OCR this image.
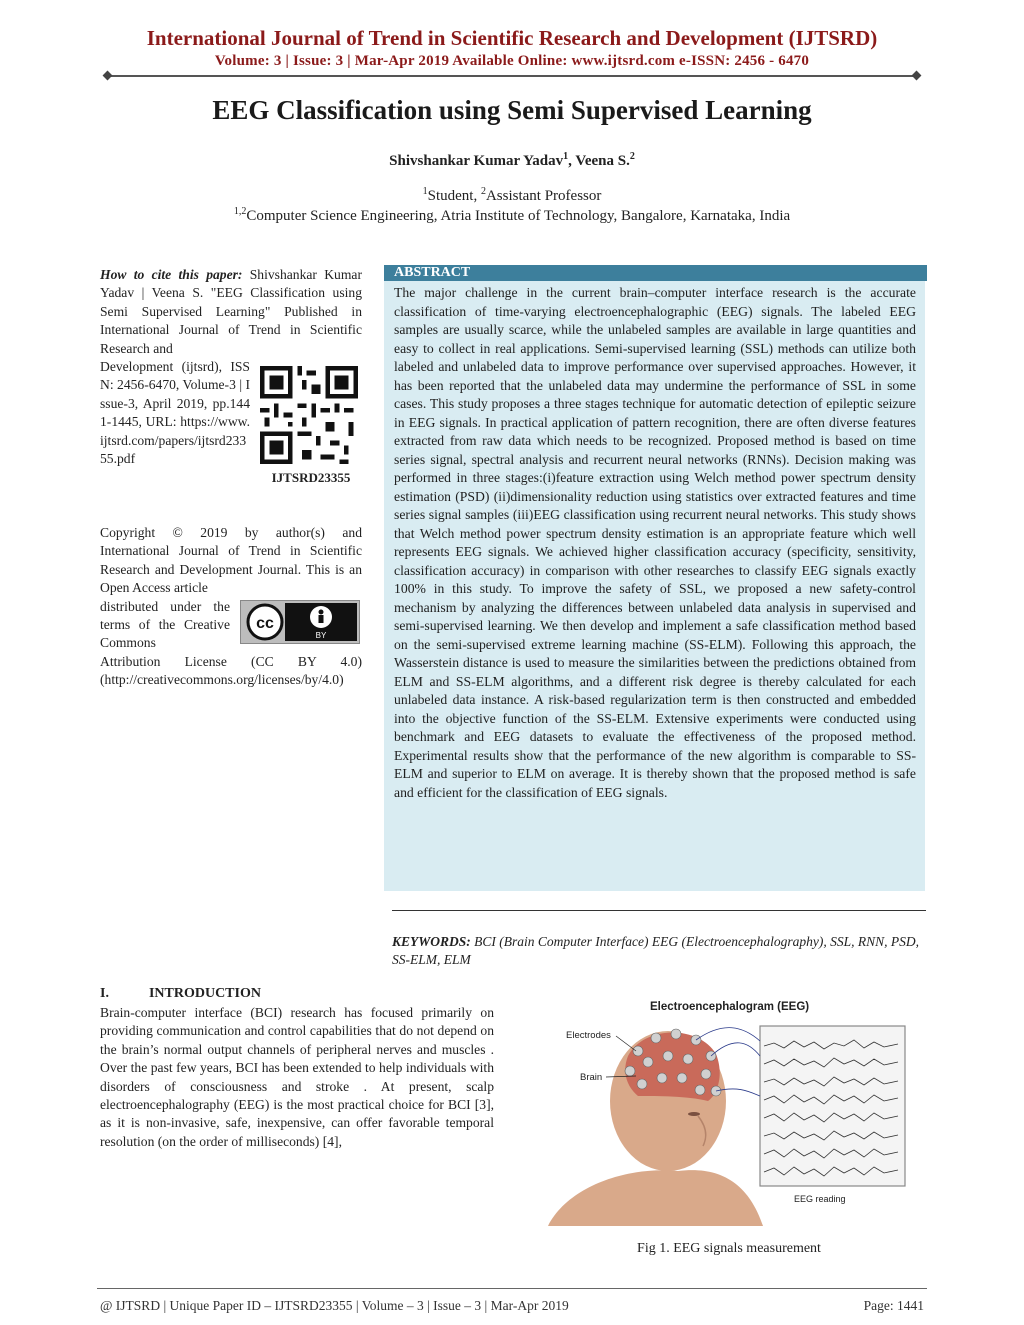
International Journal of Trend in Scientific Research and Development (IJTSRD)
Volume: 3 | Issue: 3 | Mar-Apr 2019 Available Online: www.ijtsrd.com e-ISSN: 2456 - 6470
EEG Classification using Semi Supervised Learning
Shivshankar Kumar Yadav$^1$, Veena S.$^2$
$^1$Student, $^2$Assistant Professor
$^{1,2}$Computer Science Engineering, Atria Institute of Technology, Bangalore, Karnataka, India
How to cite this paper: Shivshankar Kumar Yadav | Veena S. "EEG Classification using Semi Supervised Learning" Published in International Journal of Trend in Scientific Research and
Development (ijtsrd), ISSN: 2456-6470, Volume-3 | Issue-3, April 2019, pp.1441-1445, URL: https://www.ijtsrd.com/papers/ijtsrd23355.pdf
IJTSRD23355
Copyright © 2019 by author(s) and International Journal of Trend in Scientific Research and Development Journal. This is an Open Access article
distributed under the terms of the Creative Commons
Attribution License (CC BY 4.0) (http://creativecommons.org/licenses/by/4.0)
cc
BY
ABSTRACT
The major challenge in the current brain–computer interface research is the accurate classification of time-varying electroencephalographic (EEG) signals. The labeled EEG samples are usually scarce, while the unlabeled samples are available in large quantities and easy to collect in real applications. Semi-supervised learning (SSL) methods can utilize both labeled and unlabeled data to improve performance over supervised approaches. However, it has been reported that the unlabeled data may undermine the performance of SSL in some cases. This study proposes a three stages technique for automatic detection of epileptic seizure in EEG signals. In practical application of pattern recognition, there are often diverse features extracted from raw data which needs to be recognized. Proposed method is based on time series signal, spectral analysis and recurrent neural networks (RNNs). Decision making was performed in three stages:(i)feature extraction using Welch method power spectrum density estimation (PSD) (ii)dimensionality reduction using statistics over extracted features and time series signal samples (iii)EEG classification using recurrent neural networks. This study shows that Welch method power spectrum density estimation is an appropriate feature which well represents EEG signals. We achieved higher classification accuracy (specificity, sensitivity, classification accuracy) in comparison with other researches to classify EEG signals exactly 100% in this study. To improve the safety of SSL, we proposed a new safety-control mechanism by analyzing the differences between unlabeled data analysis in supervised and semi-supervised learning. We then develop and implement a safe classification method based on the semi-supervised extreme learning machine (SS-ELM). Following this approach, the Wasserstein distance is used to measure the similarities between the predictions obtained from ELM and SS-ELM algorithms, and a different risk degree is thereby calculated for each unlabeled data instance. A risk-based regularization term is then constructed and embedded into the objective function of the SS-ELM. Extensive experiments were conducted using benchmark and EEG datasets to evaluate the effectiveness of the proposed method. Experimental results show that the performance of the new algorithm is comparable to SS-ELM and superior to ELM on average. It is thereby shown that the proposed method is safe and efficient for the classification of EEG signals.
KEYWORDS: BCI (Brain Computer Interface) EEG (Electroencephalography), SSL, RNN, PSD, SS-ELM, ELM
I.	INTRODUCTION
Brain-computer interface (BCI) research has focused primarily on providing communication and control capabilities that do not depend on the brain’s normal output channels of peripheral nerves and muscles . Over the past few years, BCI has been extended to help individuals with disorders of consciousness and stroke . At present, scalp electroencephalography (EEG) is the most practical choice for BCI [3], as it is non-invasive, safe, inexpensive, can offer favorable temporal resolution (on the order of milliseconds) [4],
Electroencephalogram (EEG)
EEG reading
Electrodes
Brain
Fig 1. EEG signals measurement
@ IJTSRD | Unique Paper ID – IJTSRD23355 | Volume – 3 | Issue – 3 | Mar-Apr 2019	Page: 1441
